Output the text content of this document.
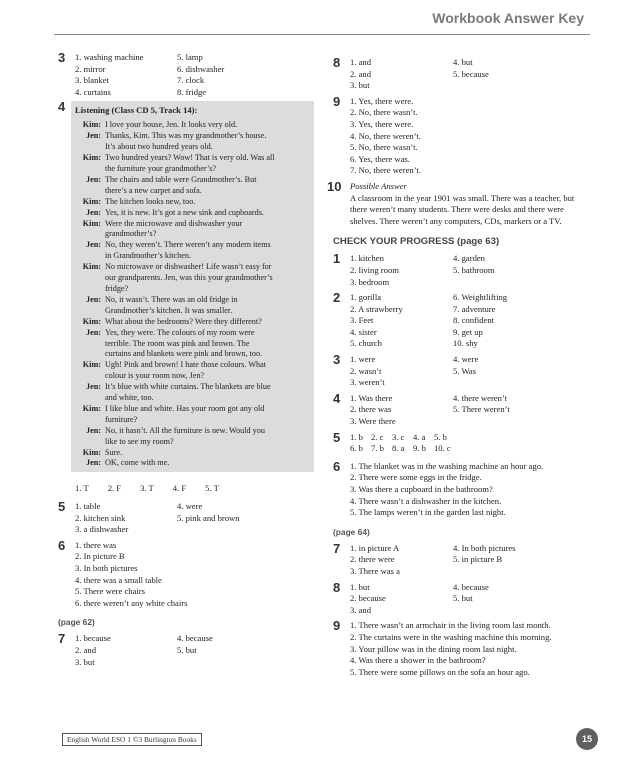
Workbook Answer Key
3 1. washing machine	5. lamp
2. mirror	6. dishwasher
3. blanket	7. clock
4. curtains	8. fridge
4 Listening (Class CD 5, Track 14):
Kim: I love your house, Jen. It looks very old.
Jen: Thanks, Kim. This was my grandmother’s house.
It’s about two hundred years old.
Kim: Two hundred years? Wow! That is very old. Was all
the furniture your grandmother’s?
Jen: The chairs and table were Grandmother’s. But
there’s a new carpet and sofa.
Kim: The kitchen looks new, too.
Jen: Yes, it is new. It’s got a new sink and cupboards.
Kim: Were the microwave and dishwasher your
grandmother’s?
Jen: No, they weren’t. There weren’t any modern items
in Grandmother’s kitchen.
Kim: No microwave or dishwasher! Life wasn’t easy for
our grandparents. Jen, was this your grandmother’s
fridge?
Jen: No, it wasn’t. There was an old fridge in
Grandmother’s kitchen. It was smaller.
Kim: What about the bedrooms? Were they different?
Jen: Yes, they were. The colours of my room were
terrible. The room was pink and brown. The
curtains and blankets were pink and brown, too.
Kim: Ugh! Pink and brown! I hate those colours. What
colour is your room now, Jen?
Jen: It’s blue with white curtains. The blankets are blue
and white, too.
Kim: I like blue and white. Has your room got any old
furniture?
Jen: No, it hasn’t. All the furniture is new. Would you
like to see my room?
Kim: Sure.
Jen: OK, come with me.
1. T 2. F 3. T 4. F 5. T
5 1. table	4. were
2. kitchen sink	5. pink and brown
3. a dishwasher
6 1. there was
2. In picture B
3. In both pictures
4. there was a small table
5. There were chairs
6. there weren’t any white chairs
(page 62)
7 1. because	4. because
2. and	5. but
3. but
8 1. and	4. but
2. and	5. because
3. but
9 1. Yes, there were.
2. No, there wasn’t.
3. Yes, there were.
4. No, there weren’t.
5. No, there wasn’t.
6. Yes, there was.
7. No, there weren’t.
10 Possible Answer
A classroom in the year 1901 was small. There was a teacher, but there weren’t many students. There were desks and there were shelves. There weren’t any computers, CDs, markers or a TV.
CHECK YOUR PROGRESS (page 63)
1 1. kitchen	4. garden
2. living room	5. bathroom
3. bedroom
2 1. gorilla	6. Weightlifting
2. A strawberry	7. adventure
3. Feet	8. confident
4. sister	9. get up
5. church	10. shy
3 1. were	4. were
2. wasn’t	5. Was
3. weren’t
4 1. Was there	4. there weren’t
2. there was	5. There weren’t
3. Were there
5 1. b 2. c 3. c 4. a 5. b
6. b 7. b 8. a 9. b 10. c
6 1. The blanket was in the washing machine an hour ago.
2. There were some eggs in the fridge.
3. Was there a cupboard in the bathroom?
4. There wasn’t a dishwasher in the kitchen.
5. The lamps weren’t in the garden last night.
(page 64)
7 1. in picture A	4. In both pictures
2. there were	5. in picture B
3. There was a
8 1. but	4. because
2. because	5. but
3. and
9 1. There wasn’t an armchair in the living room last month.
2. The curtains were in the washing machine this morning.
3. Your pillow was in the dining room last night.
4. Was there a shower in the bathroom?
5. There were some pillows on the sofa an hour ago.
English World ESO 1 ©3 Burlington Books	15
